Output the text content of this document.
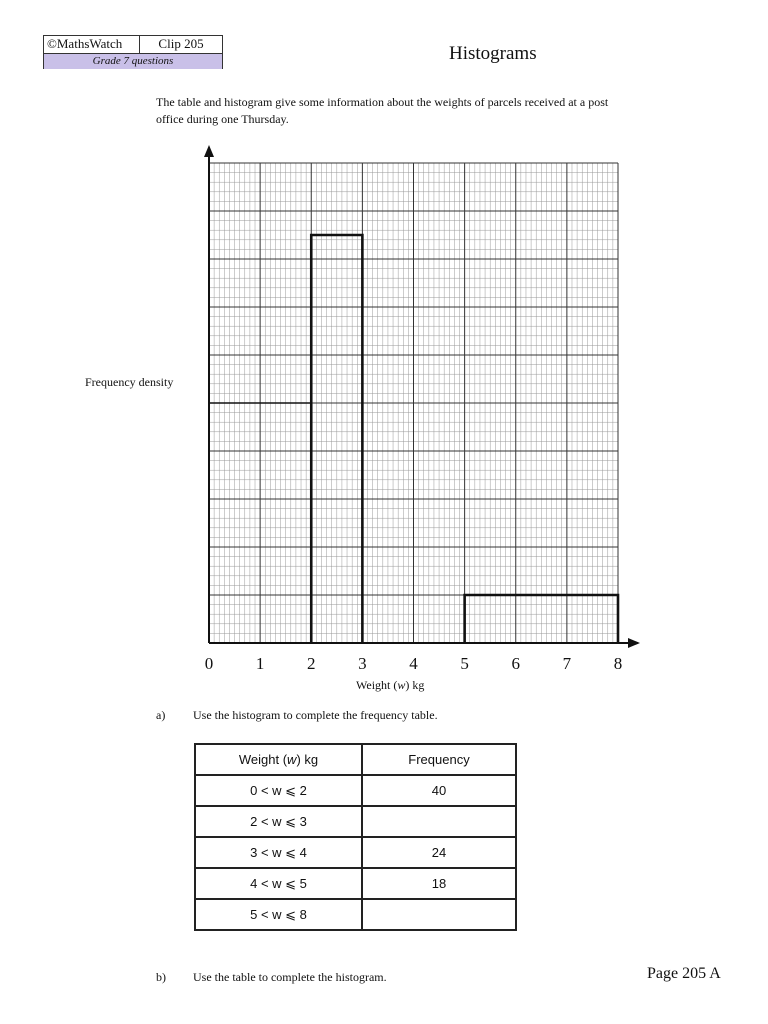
©MathsWatch	Clip 205
Grade 7 questions	Histograms
The table and histogram give some information about the weights of parcels received at a post office during one Thursday.
Frequency density
0	1	2	3	4	5	6	7	8
Weight (w) kg
a) Use the histogram to complete the frequency table.
Weight (w) kg	Frequency
0 < w ⩽ 2	40
2 < w ⩽ 3	
3 < w ⩽ 4	24
4 < w ⩽ 5	18
5 < w ⩽ 8	
b) Use the table to complete the histogram.	Page 205 A
